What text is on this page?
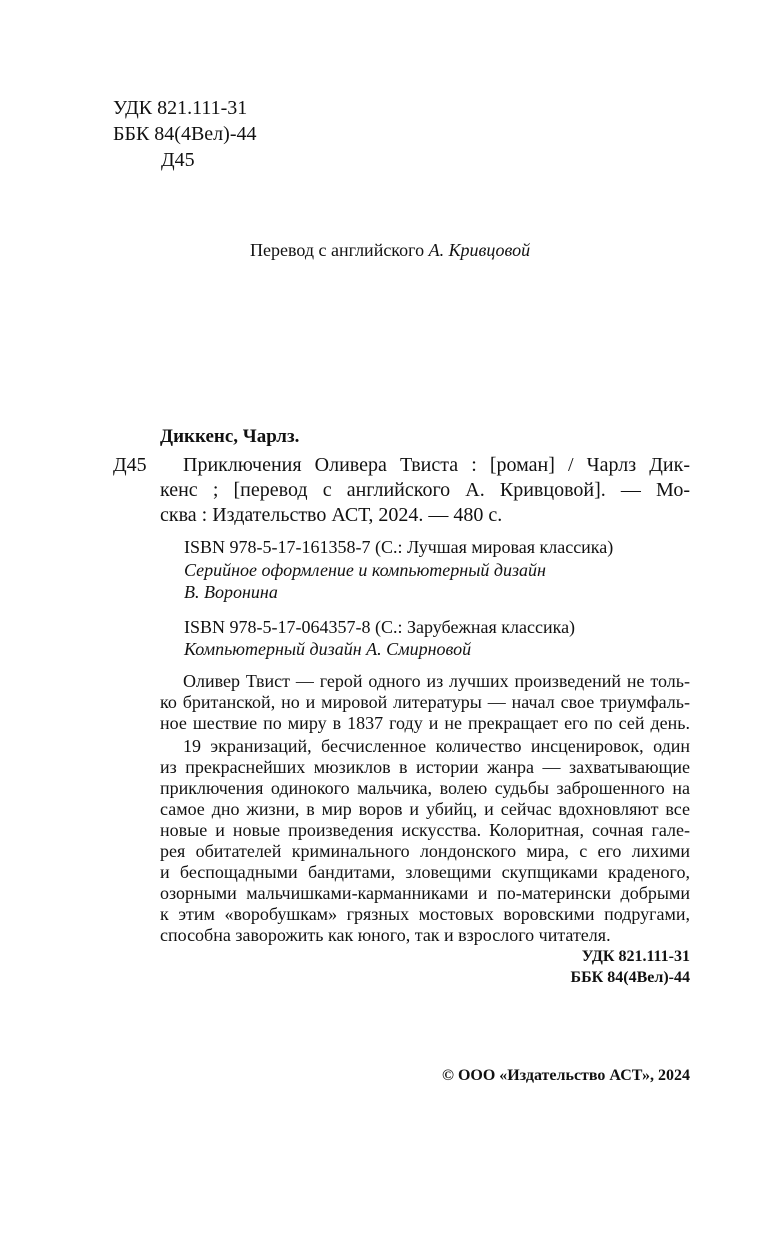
УДК 821.111-31
ББК 84(4Вел)-44
Д45
Перевод с английского А. Кривцовой
Диккенс, Чарлз.
Д45 Приключения Оливера Твиста : [роман] / Чарлз Дик-
кенс ; [перевод с английского А. Кривцовой]. — Мо-
сква : Издательство АСТ, 2024. — 480 с.
ISBN 978-5-17-161358-7 (С.: Лучшая мировая классика)
Серийное оформление и компьютерный дизайн
В. Воронина
ISBN 978-5-17-064357-8 (С.: Зарубежная классика)
Компьютерный дизайн А. Смирновой
Оливер Твист — герой одного из лучших произведений не толь-
ко британской, но и мировой литературы — начал свое триумфаль-
ное шествие по миру в 1837 году и не прекращает его по сей день.
19 экранизаций, бесчисленное количество инсценировок, один
из прекраснейших мюзиклов в истории жанра — захватывающие
приключения одинокого мальчика, волею судьбы заброшенного на
самое дно жизни, в мир воров и убийц, и сейчас вдохновляют все
новые и новые произведения искусства. Колоритная, сочная гале-
рея обитателей криминального лондонского мира, с его лихими
и беспощадными бандитами, зловещими скупщиками краденого,
озорными мальчишками-карманниками и по-матерински добрыми
к этим «воробушкам» грязных мостовых воровскими подругами,
способна заворожить как юного, так и взрослого читателя.
УДК 821.111-31
ББК 84(4Вел)-44
© ООО «Издательство АСТ», 2024
